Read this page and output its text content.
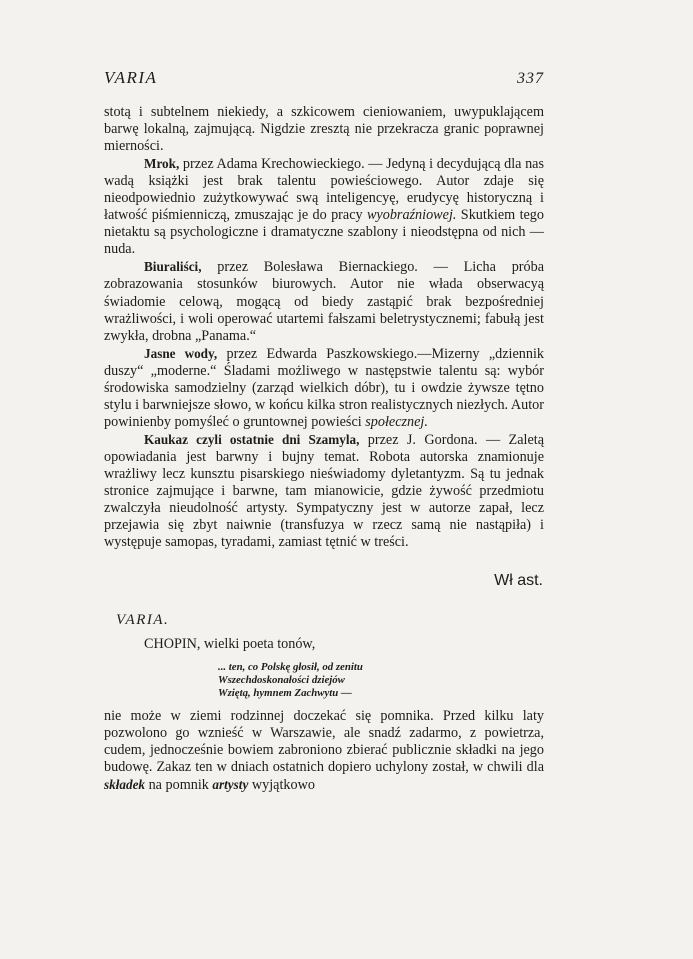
VARIA	337

stotą i subtelnem niekiedy, a szkicowem cieniowaniem, uwypuklającem barwę lokalną, zajmującą. Nigdzie zresztą nie przekracza granic poprawnej mierności.

Mrok, przez Adama Krechowieckiego. — Jedyną i decydującą dla nas wadą książki jest brak talentu powieściowego. Autor zdaje się nieodpowiednio zużytkowywać swą inteligencyę, erudycyę historyczną i łatwość piśmienniczą, zmuszając je do pracy wyobraźniowej. Skutkiem tego nietaktu są psychologiczne i dramatyczne szablony i nieodstępna od nich — nuda.

Biuraliści, przez Bolesława Biernackiego. — Licha próba zobrazowania stosunków biurowych. Autor nie włada obserwacyą świadomie celową, mogącą od biedy zastąpić brak bezpośredniej wrażliwości, i woli operować utartemi fałszami beletrystycznemi; fabułą jest zwykła, drobna „Panama.“

Jasne wody, przez Edwarda Paszkowskiego.—Mizerny „dziennik duszy“ „moderne.“ Śladami możliwego w następstwie talentu są: wybór środowiska samodzielny (zarząd wielkich dóbr), tu i owdzie żywsze tętno stylu i barwniejsze słowo, w końcu kilka stron realistycznych niezłych. Autor powinienby pomyśleć o gruntownej powieści społecznej.

Kaukaz czyli ostatnie dni Szamyla, przez J. Gordona. — Zaletą opowiadania jest barwny i bujny temat. Robota autorska znamionuje wrażliwy lecz kunsztu pisarskiego nieświadomy dyletantyzm. Są tu jednak stronice zajmujące i barwne, tam mianowicie, gdzie żywość przedmiotu zwalczyła nieudolność artysty. Sympatyczny jest w autorze zapał, lecz przejawia się zbyt naiwnie (transfuzya w rzecz samą nie nastąpiła) i występuje samopas, tyradami, zamiast tętnić w treści.

Wł ast.
VARIA.
CHOPIN, wielki poeta tonów,
... ten, co Polskę głosił, od zenitu
Wszechdoskonałości dziejów
Wziętą, hymnem Zachwytu —

nie może w ziemi rodzinnej doczekać się pomnika. Przed kilku laty pozwolono go wznieść w Warszawie, ale snadź zadarmo, z powietrza, cudem, jednocześnie bowiem zabroniono zbierać publicznie składki na jego budowę. Zakaz ten w dniach ostatnich dopiero uchylony został, w chwili dla składek na pomnik artysty wyjątkowo
